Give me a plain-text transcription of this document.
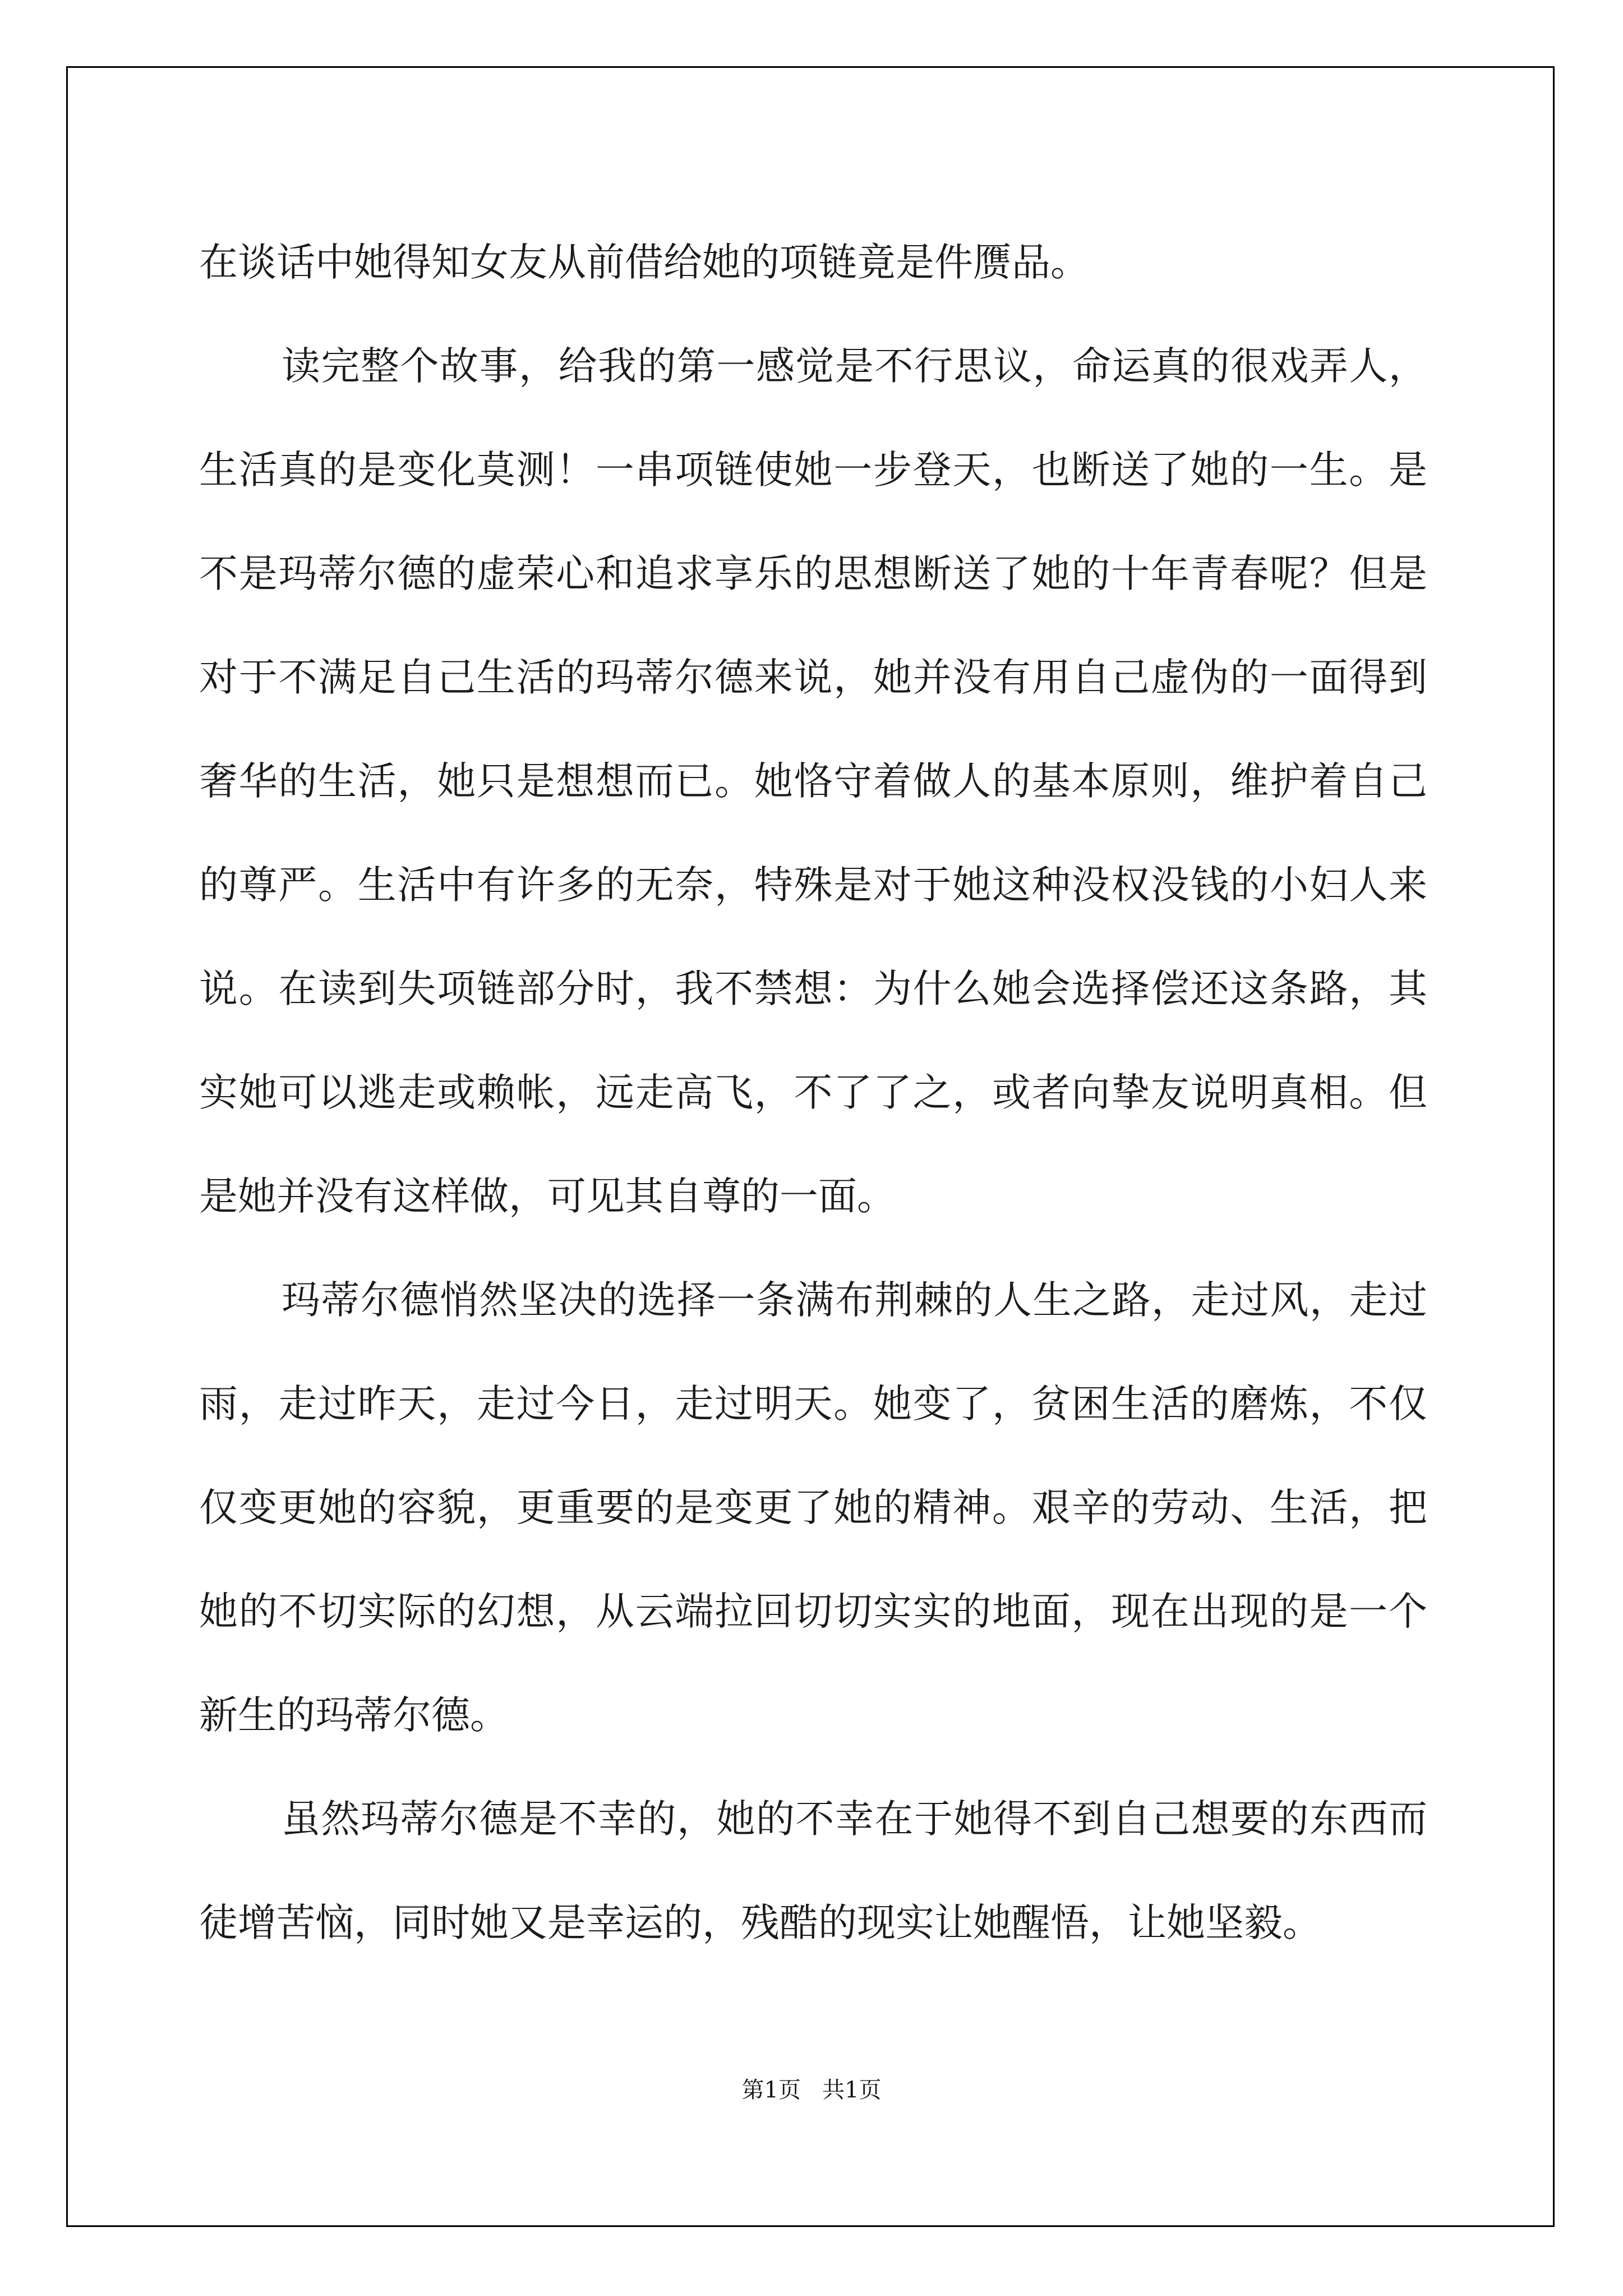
在谈话中她得知女友从前借给她的项链竟是件赝品。

读完整个故事，给我的第一感觉是不行思议，命运真的很戏弄人，生活真的是变化莫测！一串项链使她一步登天，也断送了她的一生。是不是玛蒂尔德的虚荣心和追求享乐的思想断送了她的十年青春呢？但是对于不满足自己生活的玛蒂尔德来说，她并没有用自己虚伪的一面得到奢华的生活，她只是想想而已。她恪守着做人的基本原则，维护着自己的尊严。生活中有许多的无奈，特殊是对于她这种没权没钱的小妇人来说。在读到失项链部分时，我不禁想：为什么她会选择偿还这条路，其实她可以逃走或赖帐，远走高飞，不了了之，或者向挚友说明真相。但是她并没有这样做，可见其自尊的一面。

玛蒂尔德悄然坚决的选择一条满布荆棘的人生之路，走过风，走过雨，走过昨天，走过今日，走过明天。她变了，贫困生活的磨炼，不仅仅变更她的容貌，更重要的是变更了她的精神。艰辛的劳动、生活，把她的不切实际的幻想，从云端拉回切切实实的地面，现在出现的是一个新生的玛蒂尔德。

虽然玛蒂尔德是不幸的，她的不幸在于她得不到自己想要的东西而徒增苦恼，同时她又是幸运的，残酷的现实让她醒悟，让她坚毅。

第1页 共1页
